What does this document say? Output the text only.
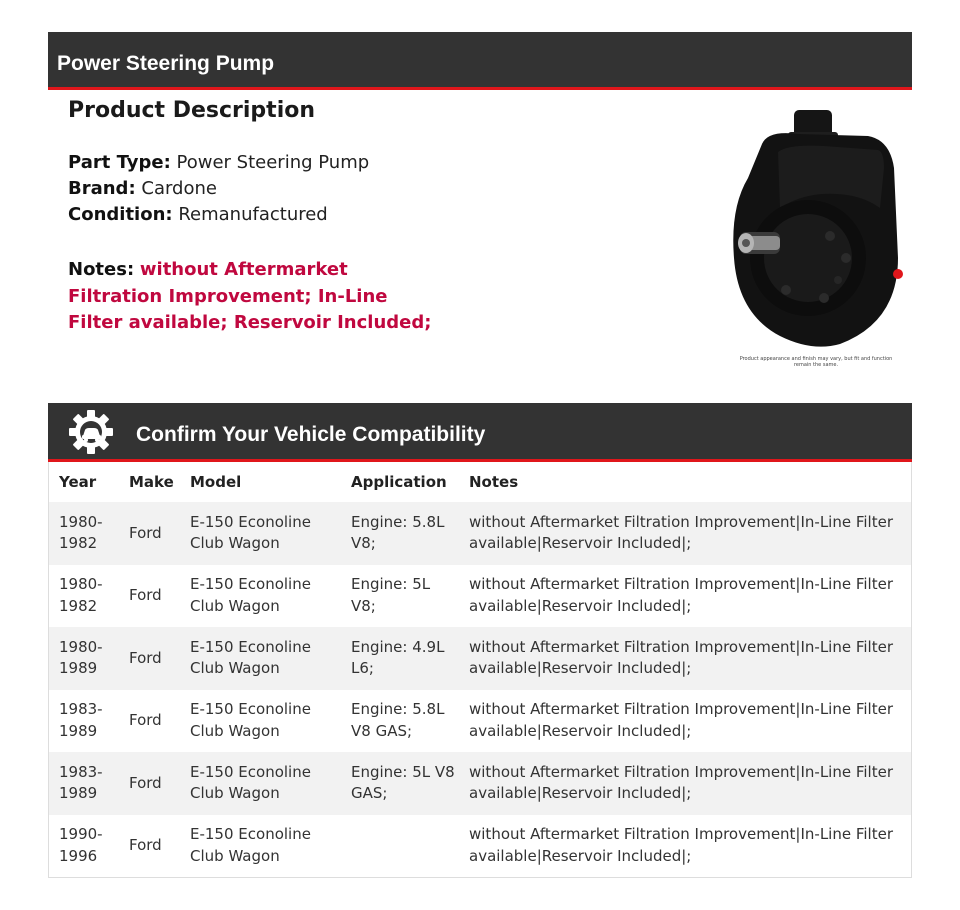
Power Steering Pump
Product Description
Part Type: Power Steering Pump
Brand: Cardone
Condition: Remanufactured
Notes: without Aftermarket Filtration Improvement; In-Line Filter available; Reservoir Included;
Product appearance and finish may vary, but fit and function remain the same.
Confirm Your Vehicle Compatibility
Year	Make	Model	Application	Notes
1980-1982	Ford	E-150 Econoline Club Wagon	Engine: 5.8L V8;	without Aftermarket Filtration Improvement|In-Line Filter available|Reservoir Included|;
1980-1982	Ford	E-150 Econoline Club Wagon	Engine: 5L V8;	without Aftermarket Filtration Improvement|In-Line Filter available|Reservoir Included|;
1980-1989	Ford	E-150 Econoline Club Wagon	Engine: 4.9L L6;	without Aftermarket Filtration Improvement|In-Line Filter available|Reservoir Included|;
1983-1989	Ford	E-150 Econoline Club Wagon	Engine: 5.8L V8 GAS;	without Aftermarket Filtration Improvement|In-Line Filter available|Reservoir Included|;
1983-1989	Ford	E-150 Econoline Club Wagon	Engine: 5L V8 GAS;	without Aftermarket Filtration Improvement|In-Line Filter available|Reservoir Included|;
1990-1996	Ford	E-150 Econoline Club Wagon		without Aftermarket Filtration Improvement|In-Line Filter available|Reservoir Included|;
